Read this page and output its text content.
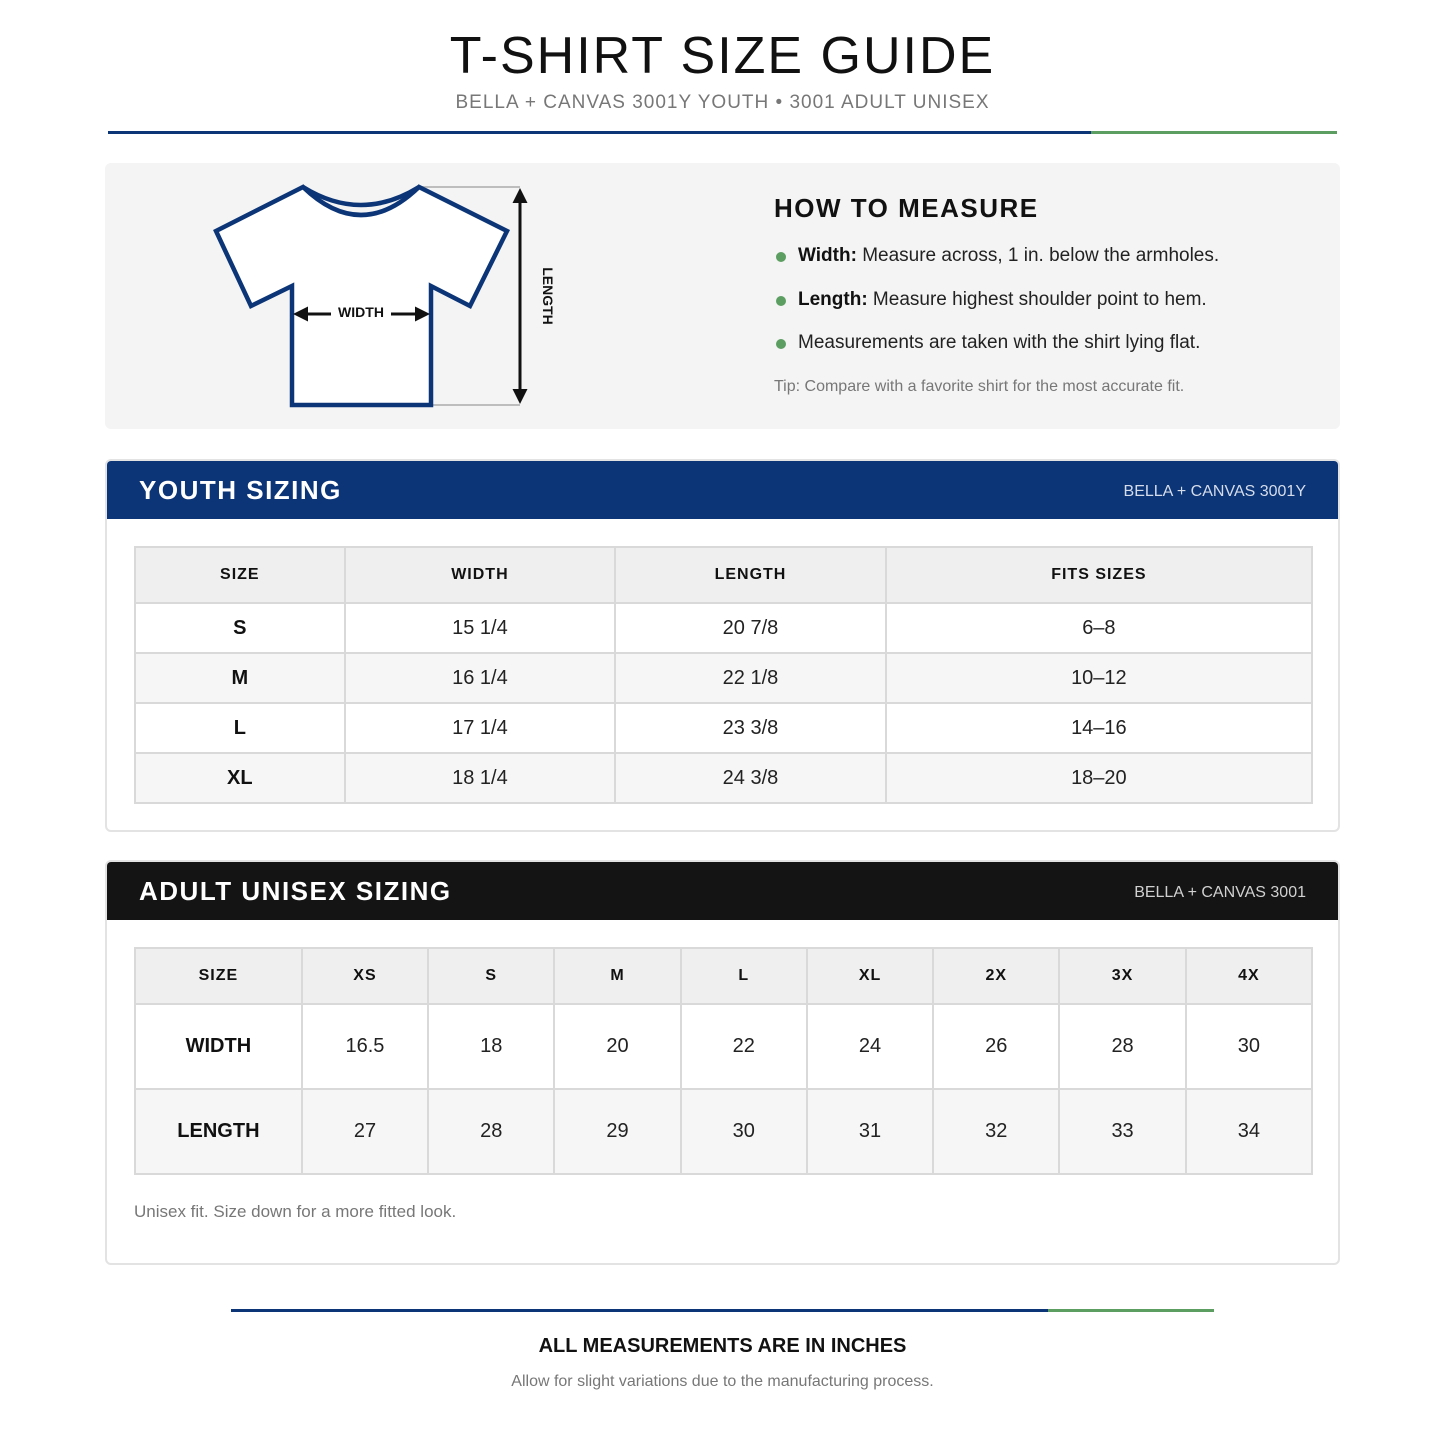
T-SHIRT SIZE GUIDE
BELLA + CANVAS 3001Y YOUTH • 3001 ADULT UNISEX
WIDTH	LENGTH
HOW TO MEASURE
Width: Measure across, 1 in. below the armholes.
Length: Measure highest shoulder point to hem.
Measurements are taken with the shirt lying flat.
Tip: Compare with a favorite shirt for the most accurate fit.
YOUTH SIZING	BELLA + CANVAS 3001Y
SIZE	WIDTH	LENGTH	FITS SIZES
S	15 1/4	20 7/8	6–8
M	16 1/4	22 1/8	10–12
L	17 1/4	23 3/8	14–16
XL	18 1/4	24 3/8	18–20
ADULT UNISEX SIZING	BELLA + CANVAS 3001
SIZE	XS	S	M	L	XL	2X	3X	4X
WIDTH	16.5	18	20	22	24	26	28	30
LENGTH	27	28	29	30	31	32	33	34
Unisex fit. Size down for a more fitted look.
ALL MEASUREMENTS ARE IN INCHES
Allow for slight variations due to the manufacturing process.
